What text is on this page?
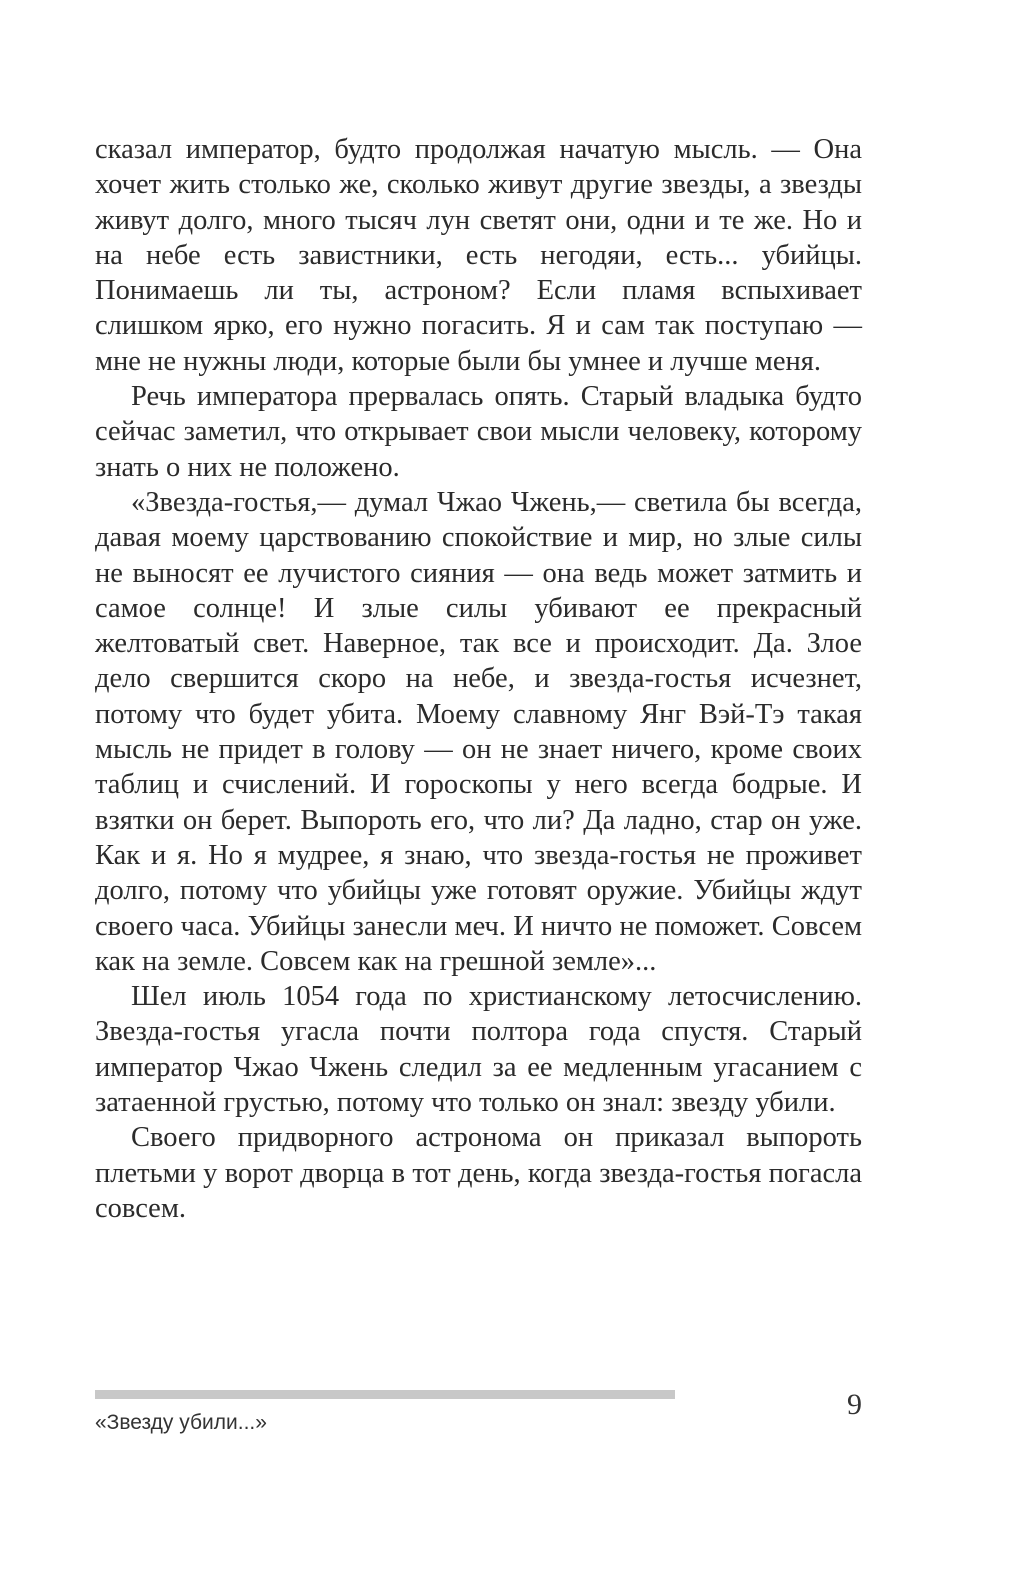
сказал император, будто продолжая начатую мысль. — Она хочет жить столько же, сколько живут другие звезды, а звезды живут долго, много тысяч лун светят они, одни и те же. Но и на небе есть завистники, есть негодяи, есть... убийцы. Понимаешь ли ты, астроном? Если пламя вспыхивает слишком ярко, его нужно погасить. Я и сам так поступаю — мне не нужны люди, которые были бы умнее и лучше меня.

Речь императора прервалась опять. Старый владыка будто сейчас заметил, что открывает свои мысли человеку, которому знать о них не положено.

«Звезда-гостья,— думал Чжао Чжень,— светила бы всегда, давая моему царствованию спокойствие и мир, но злые силы не выносят ее лучистого сияния — она ведь может затмить и самое солнце! И злые силы убивают ее прекрасный желтоватый свет. Наверное, так все и происходит. Да. Злое дело свершится скоро на небе, и звезда-гостья исчезнет, потому что будет убита. Моему славному Янг Вэй-Тэ такая мысль не придет в голову — он не знает ничего, кроме своих таблиц и счислений. И гороскопы у него всегда бодрые. И взятки он берет. Выпороть его, что ли? Да ладно, стар он уже. Как и я. Но я мудрее, я знаю, что звезда-гостья не проживет долго, потому что убийцы уже готовят оружие. Убийцы ждут своего часа. Убийцы занесли меч. И ничто не поможет. Совсем как на земле. Совсем как на грешной земле»...

Шел июль 1054 года по христианскому летосчислению. Звезда-гостья угасла почти полтора года спустя. Старый император Чжао Чжень следил за ее медленным угасанием с затаенной грустью, потому что только он знал: звезду убили.

Своего придворного астронома он приказал выпороть плетьми у ворот дворца в тот день, когда звезда-гостья погасла совсем.

«Звезду убили...»
9
